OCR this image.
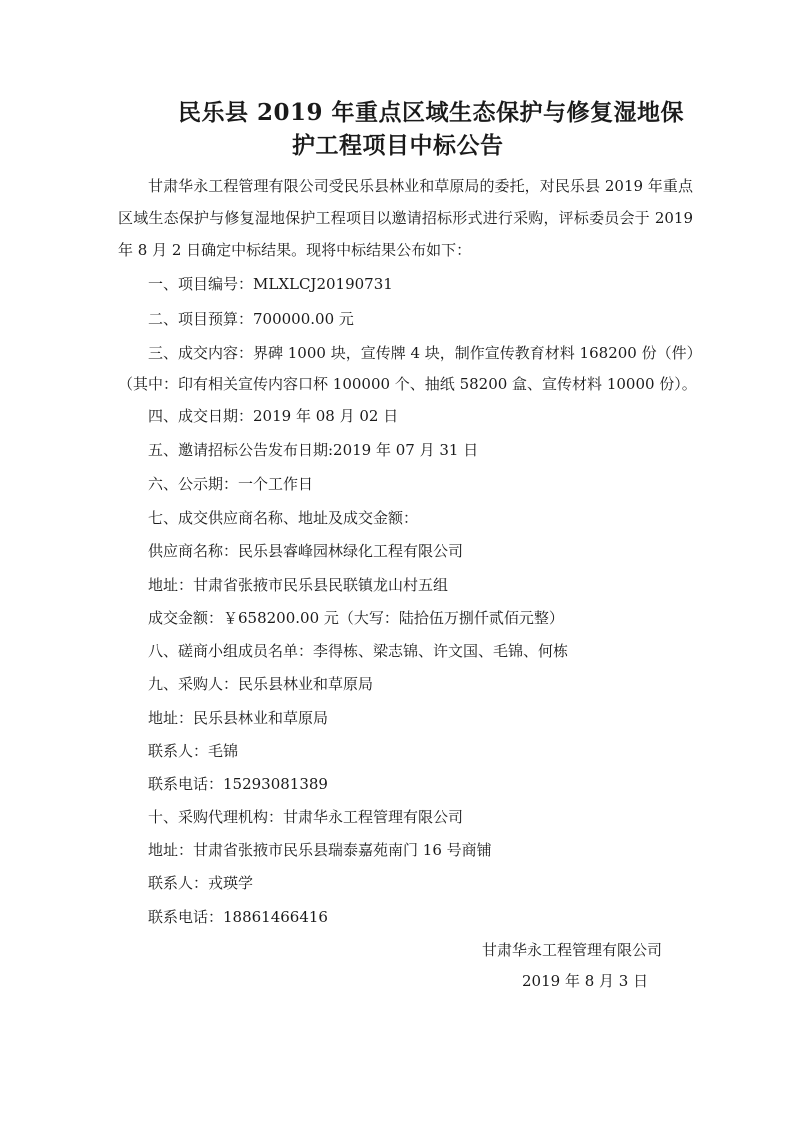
民乐县 2019 年重点区域生态保护与修复湿地保
护工程项目中标公告

甘肃华永工程管理有限公司受民乐县林业和草原局的委托，对民乐县 2019 年重点区域生态保护与修复湿地保护工程项目以邀请招标形式进行采购，评标委员会于 2019 年 8 月 2 日确定中标结果。现将中标结果公布如下：

一、项目编号：MLXLCJ20190731

二、项目预算：700000.00 元

三、成交内容：界碑 1000 块，宣传牌 4 块，制作宣传教育材料 168200 份（件）

（其中：印有相关宣传内容口杯 100000 个、抽纸 58200 盒、宣传材料 10000 份）。

四、成交日期：2019 年 08 月 02 日

五、邀请招标公告发布日期:2019 年 07 月 31 日

六、公示期：一个工作日

七、成交供应商名称、地址及成交金额：

供应商名称：民乐县睿峰园林绿化工程有限公司

地址：甘肃省张掖市民乐县民联镇龙山村五组

成交金额：￥658200.00 元（大写：陆拾伍万捌仟贰佰元整）

八、磋商小组成员名单：李得栋、梁志锦、许文国、毛锦、何栋

九、采购人：民乐县林业和草原局

地址：民乐县林业和草原局

联系人：毛锦

联系电话：15293081389

十、采购代理机构：甘肃华永工程管理有限公司

地址：甘肃省张掖市民乐县瑞泰嘉苑南门 16 号商铺

联系人：戎瑛学

联系电话：18861466416

甘肃华永工程管理有限公司

2019 年 8 月 3 日
